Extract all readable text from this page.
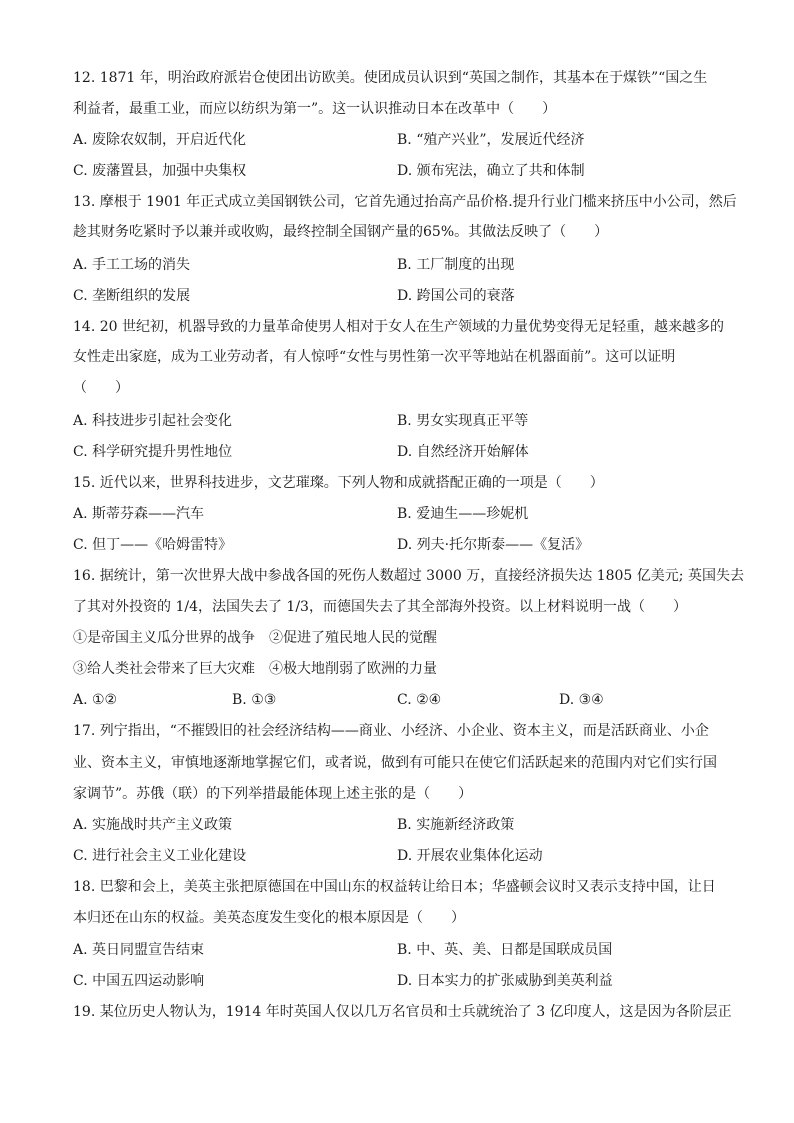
12. 1871 年，明治政府派岩仓使团出访欧美。使团成员认识到“英国之制作，其基本在于煤铁”“国之生
利益者，最重工业，而应以纺织为第一”。这一认识推动日本在改革中（　　）
A. 废除农奴制，开启近代化	B. “殖产兴业”，发展近代经济
C. 废藩置县，加强中央集权	D. 颁布宪法，确立了共和体制
13. 摩根于 1901 年正式成立美国钢铁公司，它首先通过抬高产品价格.提升行业门槛来挤压中小公司，然后
趁其财务吃紧时予以兼并或收购，最终控制全国钢产量的65%。其做法反映了（　　）
A. 手工工场的消失	B. 工厂制度的出现
C. 垄断组织的发展	D. 跨国公司的衰落
14. 20 世纪初，机器导致的力量革命使男人相对于女人在生产领域的力量优势变得无足轻重，越来越多的
女性走出家庭，成为工业劳动者，有人惊呼“女性与男性第一次平等地站在机器面前”。这可以证明
（　　）
A. 科技进步引起社会变化	B. 男女实现真正平等
C. 科学研究提升男性地位	D. 自然经济开始解体
15. 近代以来，世界科技进步，文艺璀璨。下列人物和成就搭配正确的一项是（　　）
A. 斯蒂芬森——汽车	B. 爱迪生——珍妮机
C. 但丁——《哈姆雷特》	D. 列夫·托尔斯泰——《复活》
16. 据统计，第一次世界大战中参战各国的死伤人数超过 3000 万，直接经济损失达 1805 亿美元; 英国失去
了其对外投资的 1/4，法国失去了 1/3，而德国失去了其全部海外投资。以上材料说明一战（　　）
①是帝国主义瓜分世界的战争　②促进了殖民地人民的觉醒
③给人类社会带来了巨大灾难　④极大地削弱了欧洲的力量
A. ①②	B. ①③	C. ②④	D. ③④
17. 列宁指出，“不摧毁旧的社会经济结构——商业、小经济、小企业、资本主义，而是活跃商业、小企
业、资本主义，审慎地逐渐地掌握它们，或者说，做到有可能只在使它们活跃起来的范围内对它们实行国
家调节”。苏俄（联）的下列举措最能体现上述主张的是（　　）
A. 实施战时共产主义政策	B. 实施新经济政策
C. 进行社会主义工业化建设	D. 开展农业集体化运动
18. 巴黎和会上，美英主张把原德国在中国山东的权益转让给日本；华盛顿会议时又表示支持中国，让日
本归还在山东的权益。美英态度发生变化的根本原因是（　　）
A. 英日同盟宣告结束	B. 中、英、美、日都是国联成员国
C. 中国五四运动影响	D. 日本实力的扩张威胁到美英利益
19. 某位历史人物认为，1914 年时英国人仅以几万名官员和士兵就统治了 3 亿印度人，这是因为各阶层正
